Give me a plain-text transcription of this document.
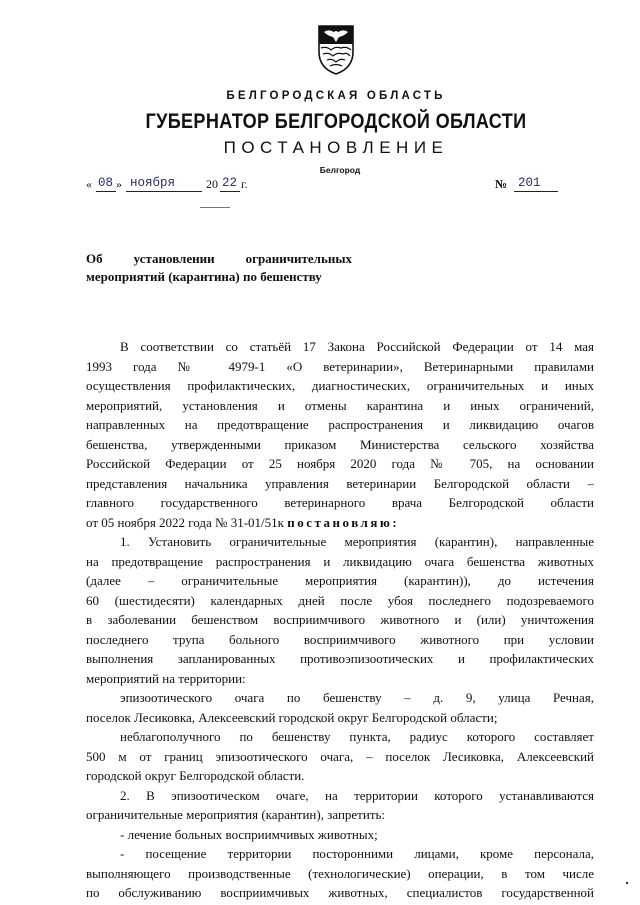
БЕЛГОРОДСКАЯ ОБЛАСТЬ
ГУБЕРНАТОР БЕЛГОРОДСКОЙ ОБЛАСТИ
ПОСТАНОВЛЕНИЕ
Белгород
« 08 » ноября	20 22 г.	№ 201
Об установлении ограничительных
мероприятий (карантина) по бешенству
В соответствии со статьёй 17 Закона Российской Федерации от 14 мая
1993 года № 4979-1 «О ветеринарии», Ветеринарными правилами
осуществления профилактических, диагностических, ограничительных и иных
мероприятий, установления и отмены карантина и иных ограничений,
направленных на предотвращение распространения и ликвидацию очагов
бешенства, утвержденными приказом Министерства сельского хозяйства
Российской Федерации от 25 ноября 2020 года № 705, на основании
представления начальника управления ветеринарии Белгородской области –
главного государственного ветеринарного врача Белгородской области
от 05 ноября 2022 года № 31-01/51к постановляю:
1. Установить ограничительные мероприятия (карантин), направленные
на предотвращение распространения и ликвидацию очага бешенства животных
(далее – ограничительные мероприятия (карантин)), до истечения
60 (шестидесяти) календарных дней после убоя последнего подозреваемого
в заболевании бешенством восприимчивого животного и (или) уничтожения
последнего трупа больного восприимчивого животного при условии
выполнения запланированных противоэпизоотических и профилактических
мероприятий на территории:
эпизоотического очага по бешенству – д. 9, улица Речная,
поселок Лесиковка, Алексеевский городской округ Белгородской области;
неблагополучного по бешенству пункта, радиус которого составляет
500 м от границ эпизоотического очага, – поселок Лесиковка, Алексеевский
городской округ Белгородской области.
2. В эпизоотическом очаге, на территории которого устанавливаются
ограничительные мероприятия (карантин), запретить:
- лечение больных восприимчивых животных;
- посещение территории посторонними лицами, кроме персонала,
выполняющего производственные (технологические) операции, в том числе
по обслуживанию восприимчивых животных, специалистов государственной
